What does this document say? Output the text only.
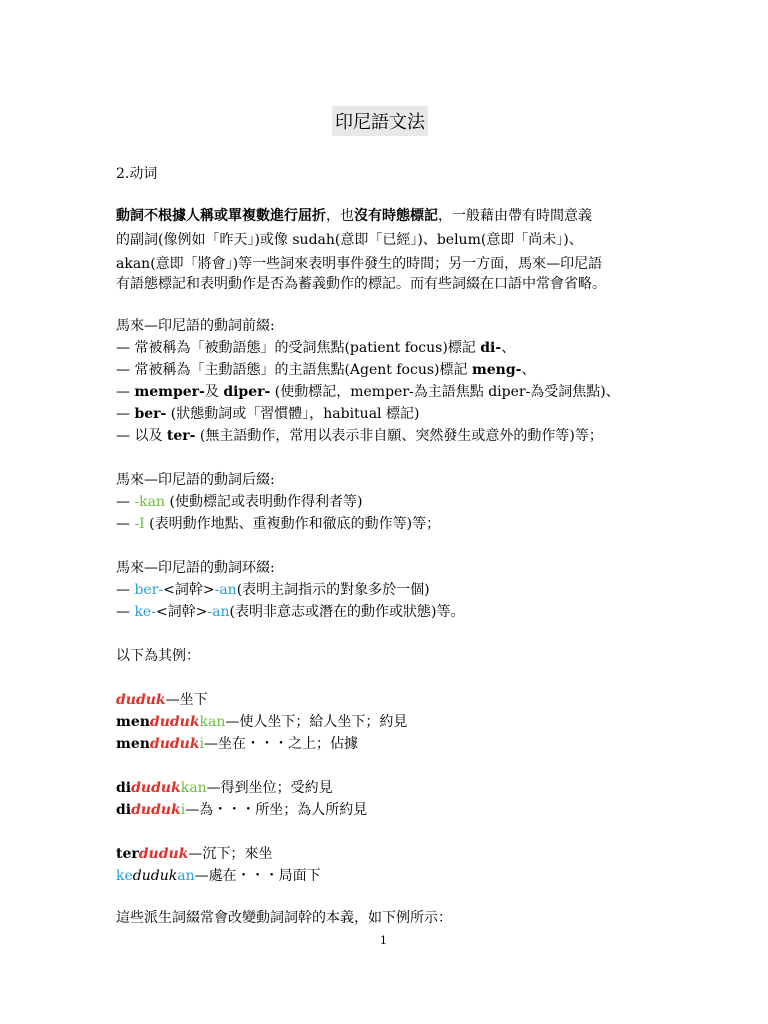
印尼語文法
2.动词
動詞不根據人稱或單複數進行屈折，也沒有時態標記，一般藉由帶有時間意義
的副詞(像例如「昨天」)或像 sudah(意即「已經」)、belum(意即「尚未」)、
akan(意即「將會」)等一些詞來表明事件發生的時間；另一方面，馬來—印尼語
有語態標記和表明動作是否為蓄義動作的標記。而有些詞綴在口語中常會省略。
馬來—印尼語的動詞前綴:
— 常被稱為「被動語態」的受詞焦點(patient focus)標記 di-、
— 常被稱為「主動語態」的主語焦點(Agent focus)標記 meng-、
— memper-及 diper- (使動標記，memper-為主語焦點 diper-為受詞焦點)、
— ber- (狀態動詞或「習慣體」，habitual 標記)
— 以及 ter- (無主語動作，常用以表示非自願、突然發生或意外的動作等)等；
馬來—印尼語的動詞后綴:
— -kan (使動標記或表明動作得利者等)
— -I (表明動作地點、重複動作和徹底的動作等)等；
馬來—印尼語的動詞环綴:
— ber-<詞幹>-an(表明主詞指示的對象多於一個)
— ke-<詞幹>-an(表明非意志或潛在的動作或狀態)等。
以下為其例：
duduk—坐下
mendudukkan—使人坐下；給人坐下；約見
menduduki—坐在・・・之上；佔據
didudukkan—得到坐位；受約見
diduduki—為・・・所坐；為人所約見
terduduk—沉下；來坐
kedudukan—處在・・・局面下
這些派生詞綴常會改變動詞詞幹的本義，如下例所示：
1
